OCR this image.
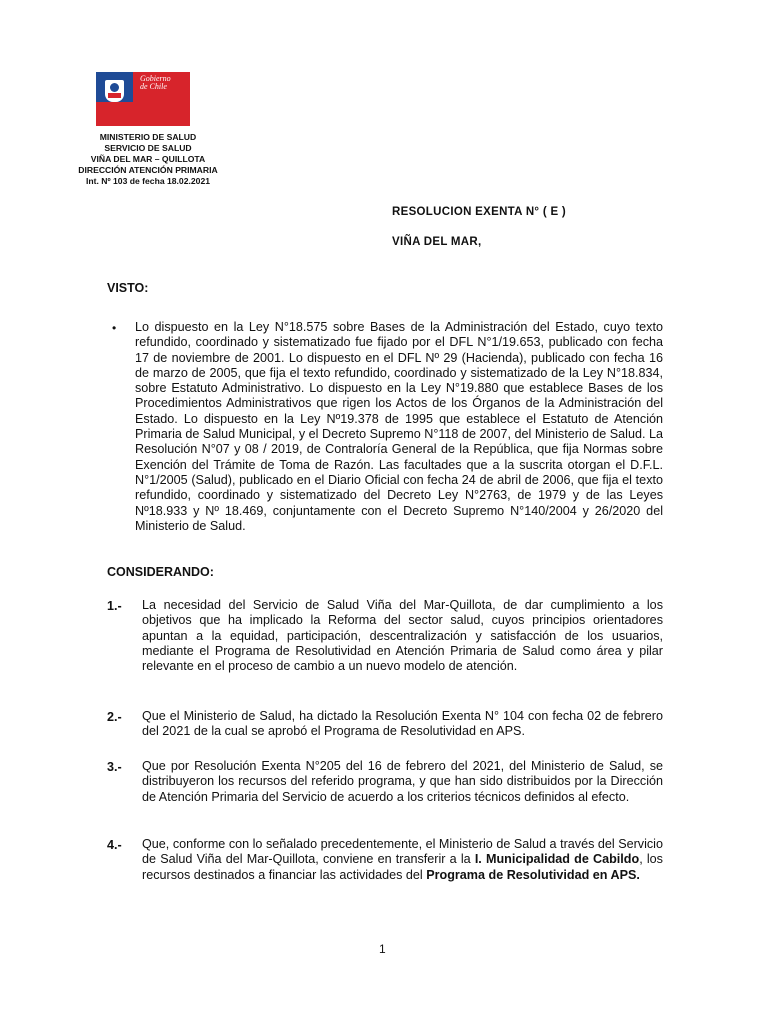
Gobierno
de Chile
MINISTERIO DE SALUD
SERVICIO DE SALUD
VIÑA DEL MAR – QUILLOTA
DIRECCIÓN ATENCIÓN PRIMARIA
Int. Nº 103 de fecha 18.02.2021
RESOLUCION EXENTA N° ( E )
VIÑA DEL MAR,
VISTO:
• Lo dispuesto en la Ley N°18.575 sobre Bases de la Administración del Estado, cuyo texto refundido, coordinado y sistematizado fue fijado por el DFL N°1/19.653, publicado con fecha 17 de noviembre de 2001. Lo dispuesto en el DFL Nº 29 (Hacienda), publicado con fecha 16 de marzo de 2005, que fija el texto refundido, coordinado y sistematizado de la Ley N°18.834, sobre Estatuto Administrativo. Lo dispuesto en la Ley N°19.880 que establece Bases de los Procedimientos Administrativos que rigen los Actos de los Órganos de la Administración del Estado. Lo dispuesto en la Ley Nº19.378 de 1995 que establece el Estatuto de Atención Primaria de Salud Municipal, y el Decreto Supremo N°118 de 2007, del Ministerio de Salud. La Resolución N°07 y 08 / 2019, de Contraloría General de la República, que fija Normas sobre Exención del Trámite de Toma de Razón. Las facultades que a la suscrita otorgan el D.F.L. N°1/2005 (Salud), publicado en el Diario Oficial con fecha 24 de abril de 2006, que fija el texto refundido, coordinado y sistematizado del Decreto Ley N°2763, de 1979 y de las Leyes Nº18.933 y Nº 18.469, conjuntamente con el Decreto Supremo N°140/2004 y 26/2020 del Ministerio de Salud.
CONSIDERANDO:
1.- La necesidad del Servicio de Salud Viña del Mar-Quillota, de dar cumplimiento a los objetivos que ha implicado la Reforma del sector salud, cuyos principios orientadores apuntan a la equidad, participación, descentralización y satisfacción de los usuarios, mediante el Programa de Resolutividad en Atención Primaria de Salud como área y pilar relevante en el proceso de cambio a un nuevo modelo de atención.
2.- Que el Ministerio de Salud, ha dictado la Resolución Exenta N° 104 con fecha 02 de febrero del 2021 de la cual se aprobó el Programa de Resolutividad en APS.
3.- Que por Resolución Exenta N°205 del 16 de febrero del 2021, del Ministerio de Salud, se distribuyeron los recursos del referido programa, y que han sido distribuidos por la Dirección de Atención Primaria del Servicio de acuerdo a los criterios técnicos definidos al efecto.
4.- Que, conforme con lo señalado precedentemente, el Ministerio de Salud a través del Servicio de Salud Viña del Mar-Quillota, conviene en transferir a la I. Municipalidad de Cabildo, los recursos destinados a financiar las actividades del Programa de Resolutividad en APS.
1
